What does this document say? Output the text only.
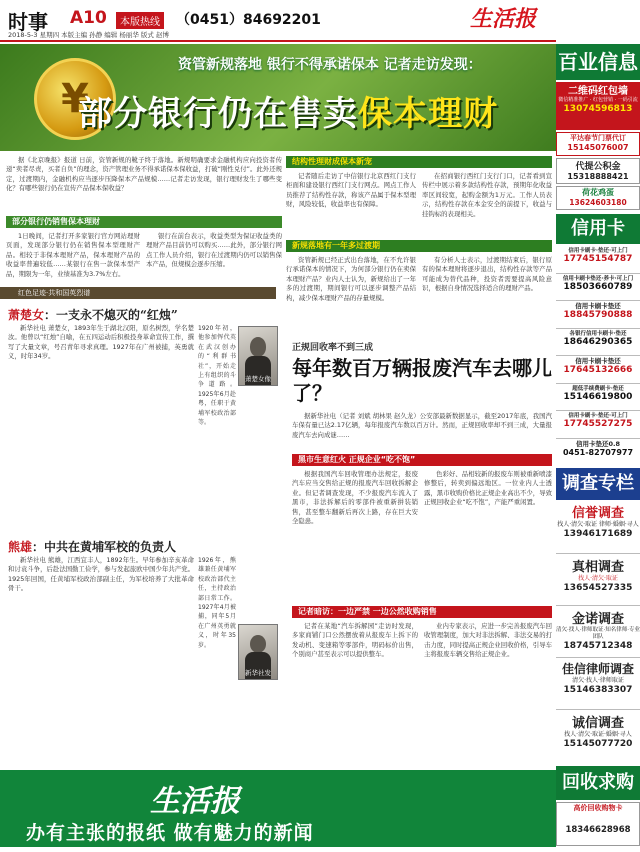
时事 A10	本版热线 （0451）84692201	生活报
2018-5-3 星期四 本版主编 孙静 编辑 杨丽华 版式 赵博
¥
资管新规落地 银行不得承诺保本 记者走访发现：
部分银行仍在售卖保本理财
据《北京晚报》报道 日前，资管新规的靴子终于落地。新规明确要求金融机构应向投资者传递“卖者尽责，买者自负”的理念，资产管理业务不得承诺保本保收益，打破“刚性兑付”。此外还规定，过渡期内，金融机构应当逐步压降保本产品规模……记者走访发现，银行理财发生了哪些变化？有哪些银行仍在宣传产品保本保收益？
部分银行仍销售保本理财
1日晚间，记者打开多家银行官方网站理财页面，发现部分银行仍在销售保本型理财产品。相较于非保本理财产品，保本理财产品的收益率普遍较低……某银行在售一款保本型产品，期限为一年，业绩基准为3.7%左右。
银行在前台表示，收益类型为保证收益类的理财产品目前仍可以购买……此外，部分银行网点工作人员介绍，银行在过渡期内仍可以销售保本产品，但规模会逐步压缩。
结构性理财成保本新宠
记者随后走访了中信银行北京西红门支行柜面和建设银行西红门支行网点。网点工作人员推荐了结构性存款，称该产品属于保本型理财，风险较低，收益率也有保障。
在招商银行西红门支行门口，记者看到宣传栏中展示着多款结构性存款，预期年化收益率区间较宽，起购金额为1万元。工作人员表示，结构性存款在本金安全的前提下，收益与挂钩标的表现相关。
新规落地有一年多过渡期
资管新规已经正式出台落地，在不允许银行承诺保本的情况下，为何部分银行仍在卖保本理财产品？业内人士认为，新规给出了一年多的过渡期，期间银行可以逐步调整产品结构，减少保本理财产品的存量规模。
有分析人士表示，过渡期结束后，银行原有的保本理财将逐步退出，结构性存款等产品可能成为替代品种，投资者需要提高风险意识，根据自身情况选择适合的理财产品。
红色足迹·共和国英烈谱
萧楚女：一支永不熄灭的“红烛”
新华社电 萧楚女，1893年生于湖北汉阳，原名树烈，学名楚汝。他曾以“红烛”自喻，在五四运动后积极投身革命宣传工作，撰写了大量文章，号召青年寻求真理。1927年在广州被捕，英勇就义，时年34岁。
1920年初，他参加恽代英在武汉创办的“利群书社”，开始走上有组织的斗争道路。1925年6月赴粤，任职于黄埔军校政治部等。
萧楚女像
熊雄：中共在黄埔军校的负责人
新华社电 熊雄，江西宜丰人，1892年生。早年参加辛亥革命和讨袁斗争，后赴法国勤工俭学，参与发起旅欧中国少年共产党。1925年回国，任黄埔军校政治部副主任，为军校培养了大批革命骨干。
1926年，熊雄兼任黄埔军校政治部代主任，主持政治部日常工作。1927年4月被捕，同年5月在广州英勇就义，时年35岁。
新华社发
正规回收率不到三成
每年数百万辆报废汽车去哪儿了？
据新华社电（记者 刘斌 胡林果 赵久龙）公安部最新数据显示，截至2017年底，我国汽车保有量已达2.17亿辆，每年报废汽车数以百万计。然而，正规回收率却不到三成，大量报废汽车去向成谜……
黑市生意红火 正规企业“吃不饱”
根据我国汽车回收管理办法规定，报废汽车应当交售给正规的报废汽车回收拆解企业。但记者调查发现，不少报废汽车流入了黑市，非法拆解后的零部件被重新拼装销售，甚至整车翻新后再次上路，存在巨大安全隐患。
色彩好、品相较新的报废车则被重新喷漆修整后，转卖到偏远地区。一位业内人士透露，黑市收购价格比正规企业高出不少，导致正规回收企业“吃不饱”，产能严重闲置。
记者暗访：一边严禁 一边公然收购销售
记者在某地“汽车拆解园”走访时发现，多家商铺门口公然摆放着从报废车上拆下的发动机、变速箱等零部件，明码标价出售，个别商户甚至表示可以提供整车。
业内专家表示，应进一步完善报废汽车回收管理制度，加大对非法拆解、非法交易的打击力度，同时提高正规企业回收价格，引导车主将报废车辆交售给正规企业。
生活报
办有主张的报纸 做有魅力的新闻
百业信息
二维码红包墙
微信精准推广 · 红包营销 · 一码引流
13074596813
平达春节门票代订
15145076007
代提公积金
15318888421
荷花鸡蛋
13624603180
信用卡
信用卡刷卡·垫还·可上门
17745154787
信用卡刷卡垫还·养卡·可上门
18503660789
信用卡刷卡垫还
18845790888
各银行信用卡刷卡·垫还
18646290365
信用卡刷卡垫还
17645132666
超低手续费刷卡·垫还
15146619800
信用卡刷卡·垫还·可上门
17745527275
信用卡垫还0.8
0451-82707977
调查专栏
信誉调查
找人·清欠·取证 律师·婚姻·寻人
13946171689
真相调查
找人·清欠·取证
13654527335
金诺调查
清欠·找人·律师取证·知名律师·专业团队
18745712348
佳信律师调查
清欠·找人·律师取证
15146383307
诚信调查
找人·清欠·取证·婚姻·寻人
15145077720
回收求购
高价回收购物卡
18346628968
